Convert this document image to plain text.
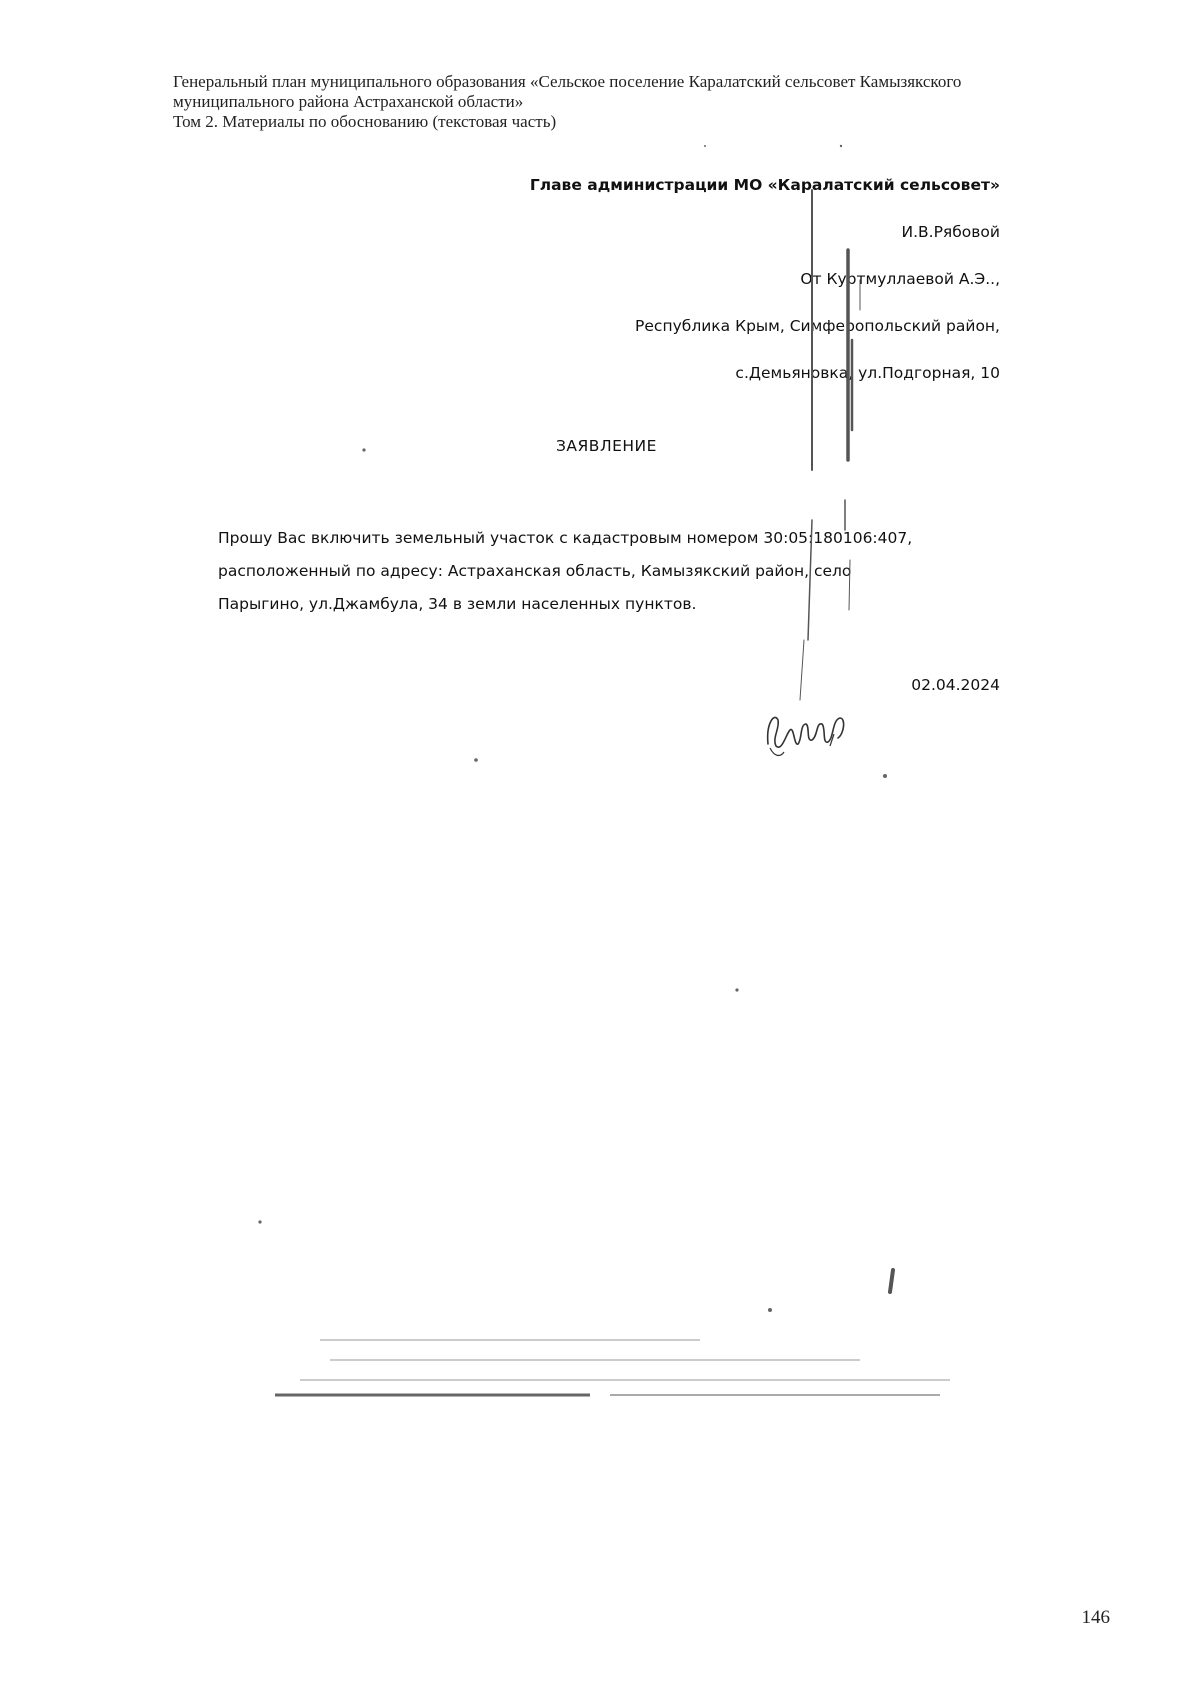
Генеральный план муниципального образования «Сельское поселение Каралатский сельсовет Камызякского
муниципального района Астраханской области»
Том 2. Материалы по обоснованию (текстовая часть)
Главе администрации МО «Каралатский сельсовет»
И.В.Рябовой
От Куртмуллаевой А.Э..,
Республика Крым, Симферопольский район,
с.Демьяновка, ул.Подгорная, 10
ЗАЯВЛЕНИЕ
Прошу Вас включить земельный участок с кадастровым номером 30:05:180106:407,
расположенный по адресу: Астраханская область, Камызякский район, село
Парыгино, ул.Джамбула, 34 в земли населенных пунктов.
02.04.2024
146
